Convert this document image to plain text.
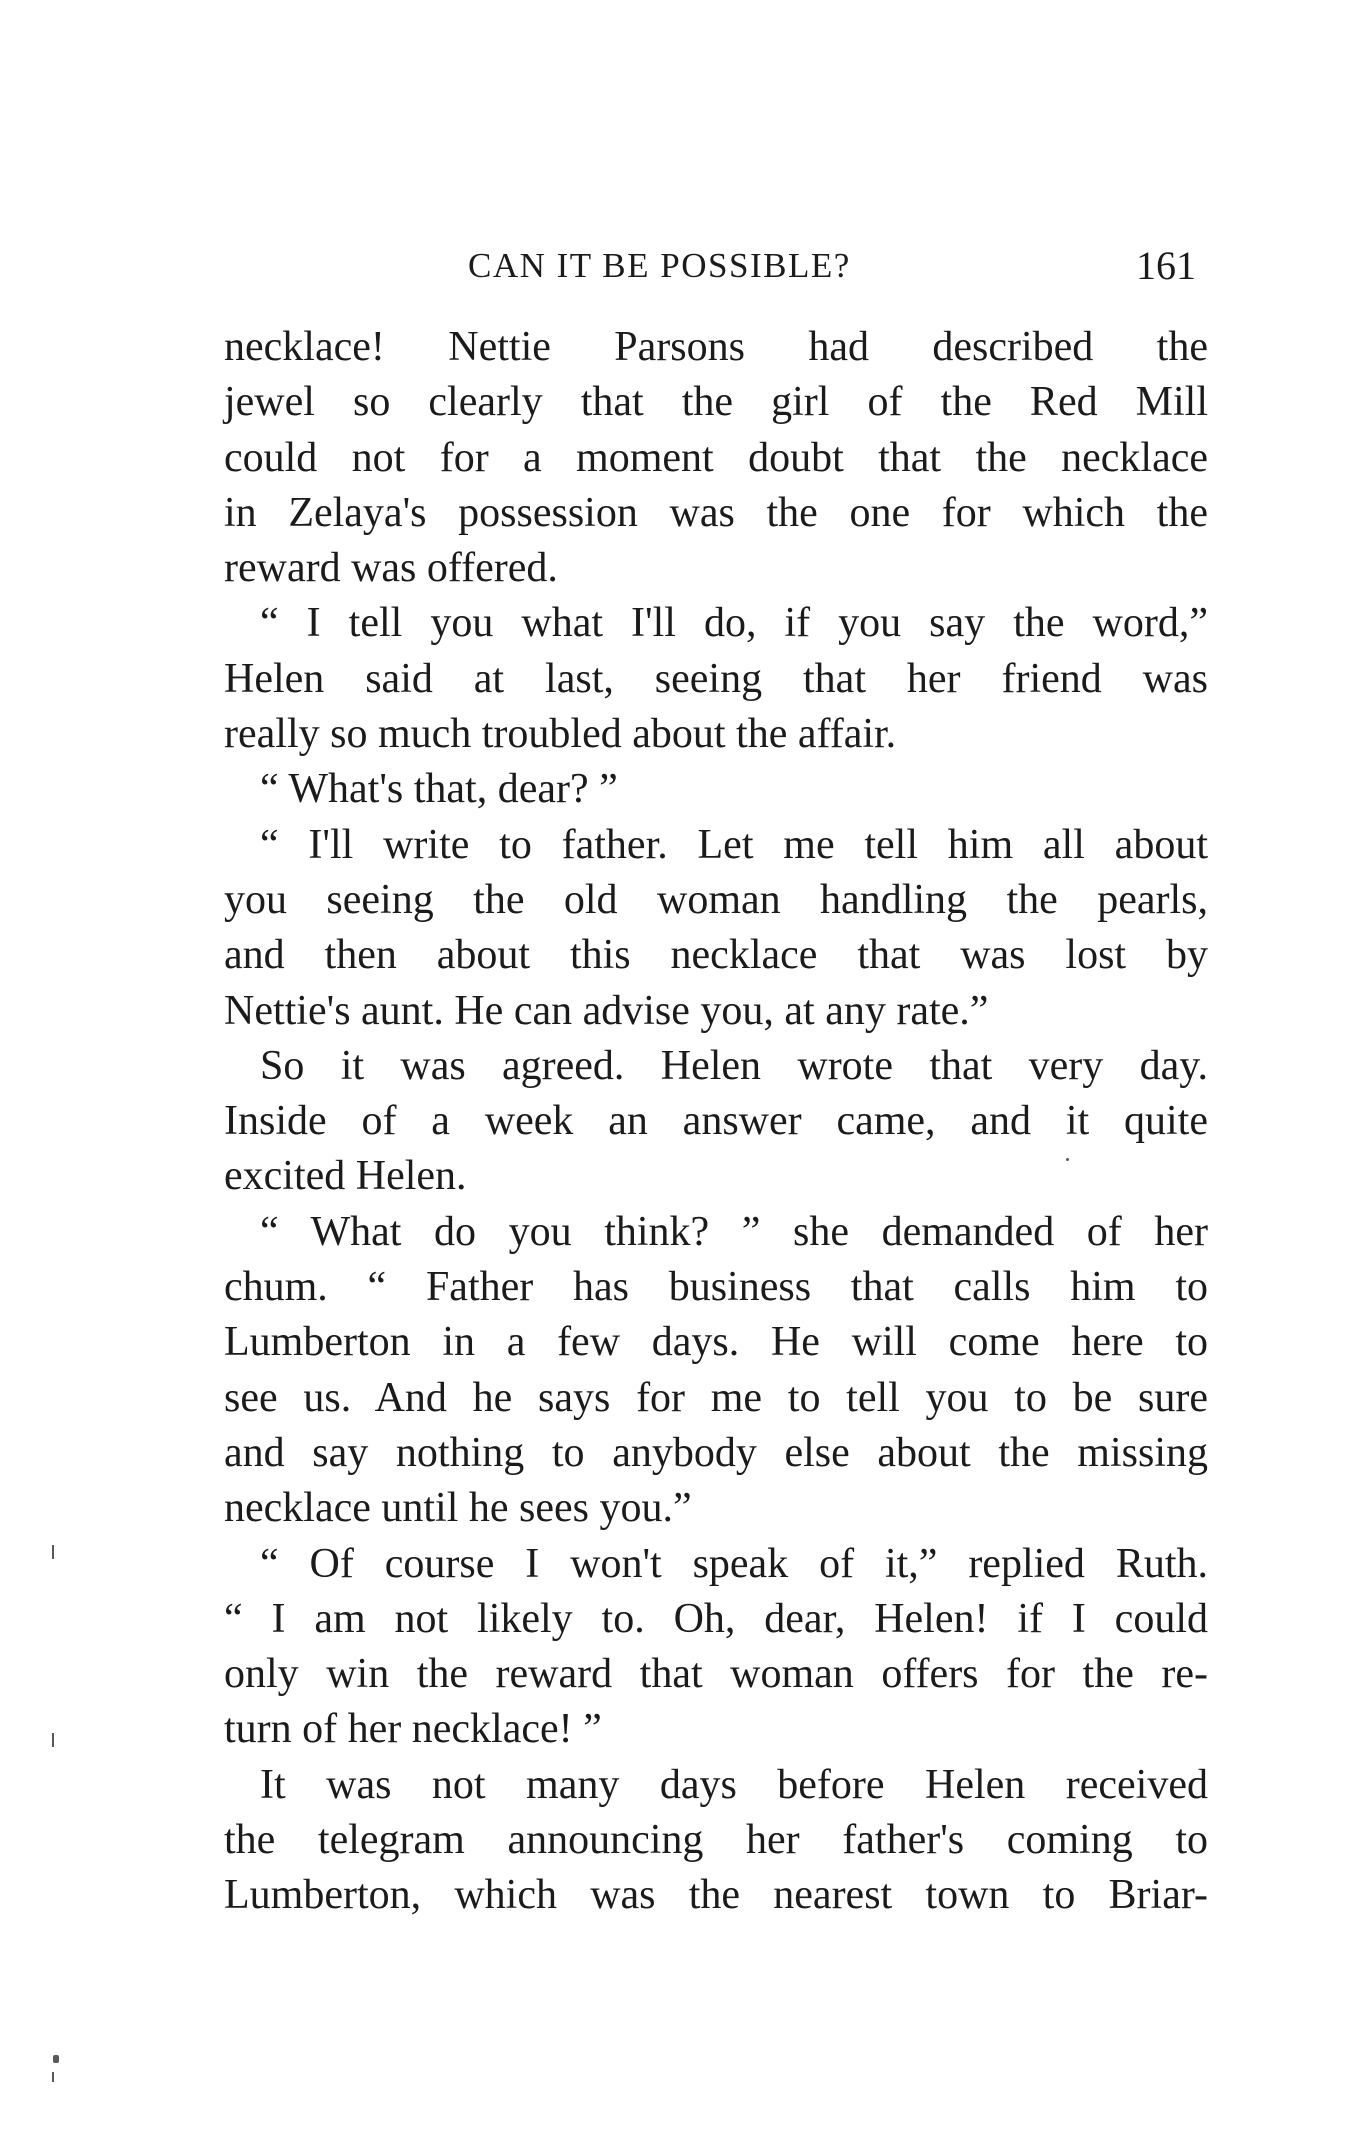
CAN IT BE POSSIBLE?	161
necklace! Nettie Parsons had described the
jewel so clearly that the girl of the Red Mill
could not for a moment doubt that the necklace
in Zelaya's possession was the one for which the
reward was offered.
“ I tell you what I'll do, if you say the word,”
Helen said at last, seeing that her friend was
really so much troubled about the affair.
“ What's that, dear? ”
“ I'll write to father. Let me tell him all about
you seeing the old woman handling the pearls,
and then about this necklace that was lost by
Nettie's aunt. He can advise you, at any rate.”
So it was agreed. Helen wrote that very day.
Inside of a week an answer came, and it quite
excited Helen.
“ What do you think? ” she demanded of her
chum. “ Father has business that calls him to
Lumberton in a few days. He will come here to
see us. And he says for me to tell you to be sure
and say nothing to anybody else about the missing
necklace until he sees you.”
“ Of course I won't speak of it,” replied Ruth.
“ I am not likely to. Oh, dear, Helen! if I could
only win the reward that woman offers for the re-
turn of her necklace! ”
It was not many days before Helen received
the telegram announcing her father's coming to
Lumberton, which was the nearest town to Briar-
